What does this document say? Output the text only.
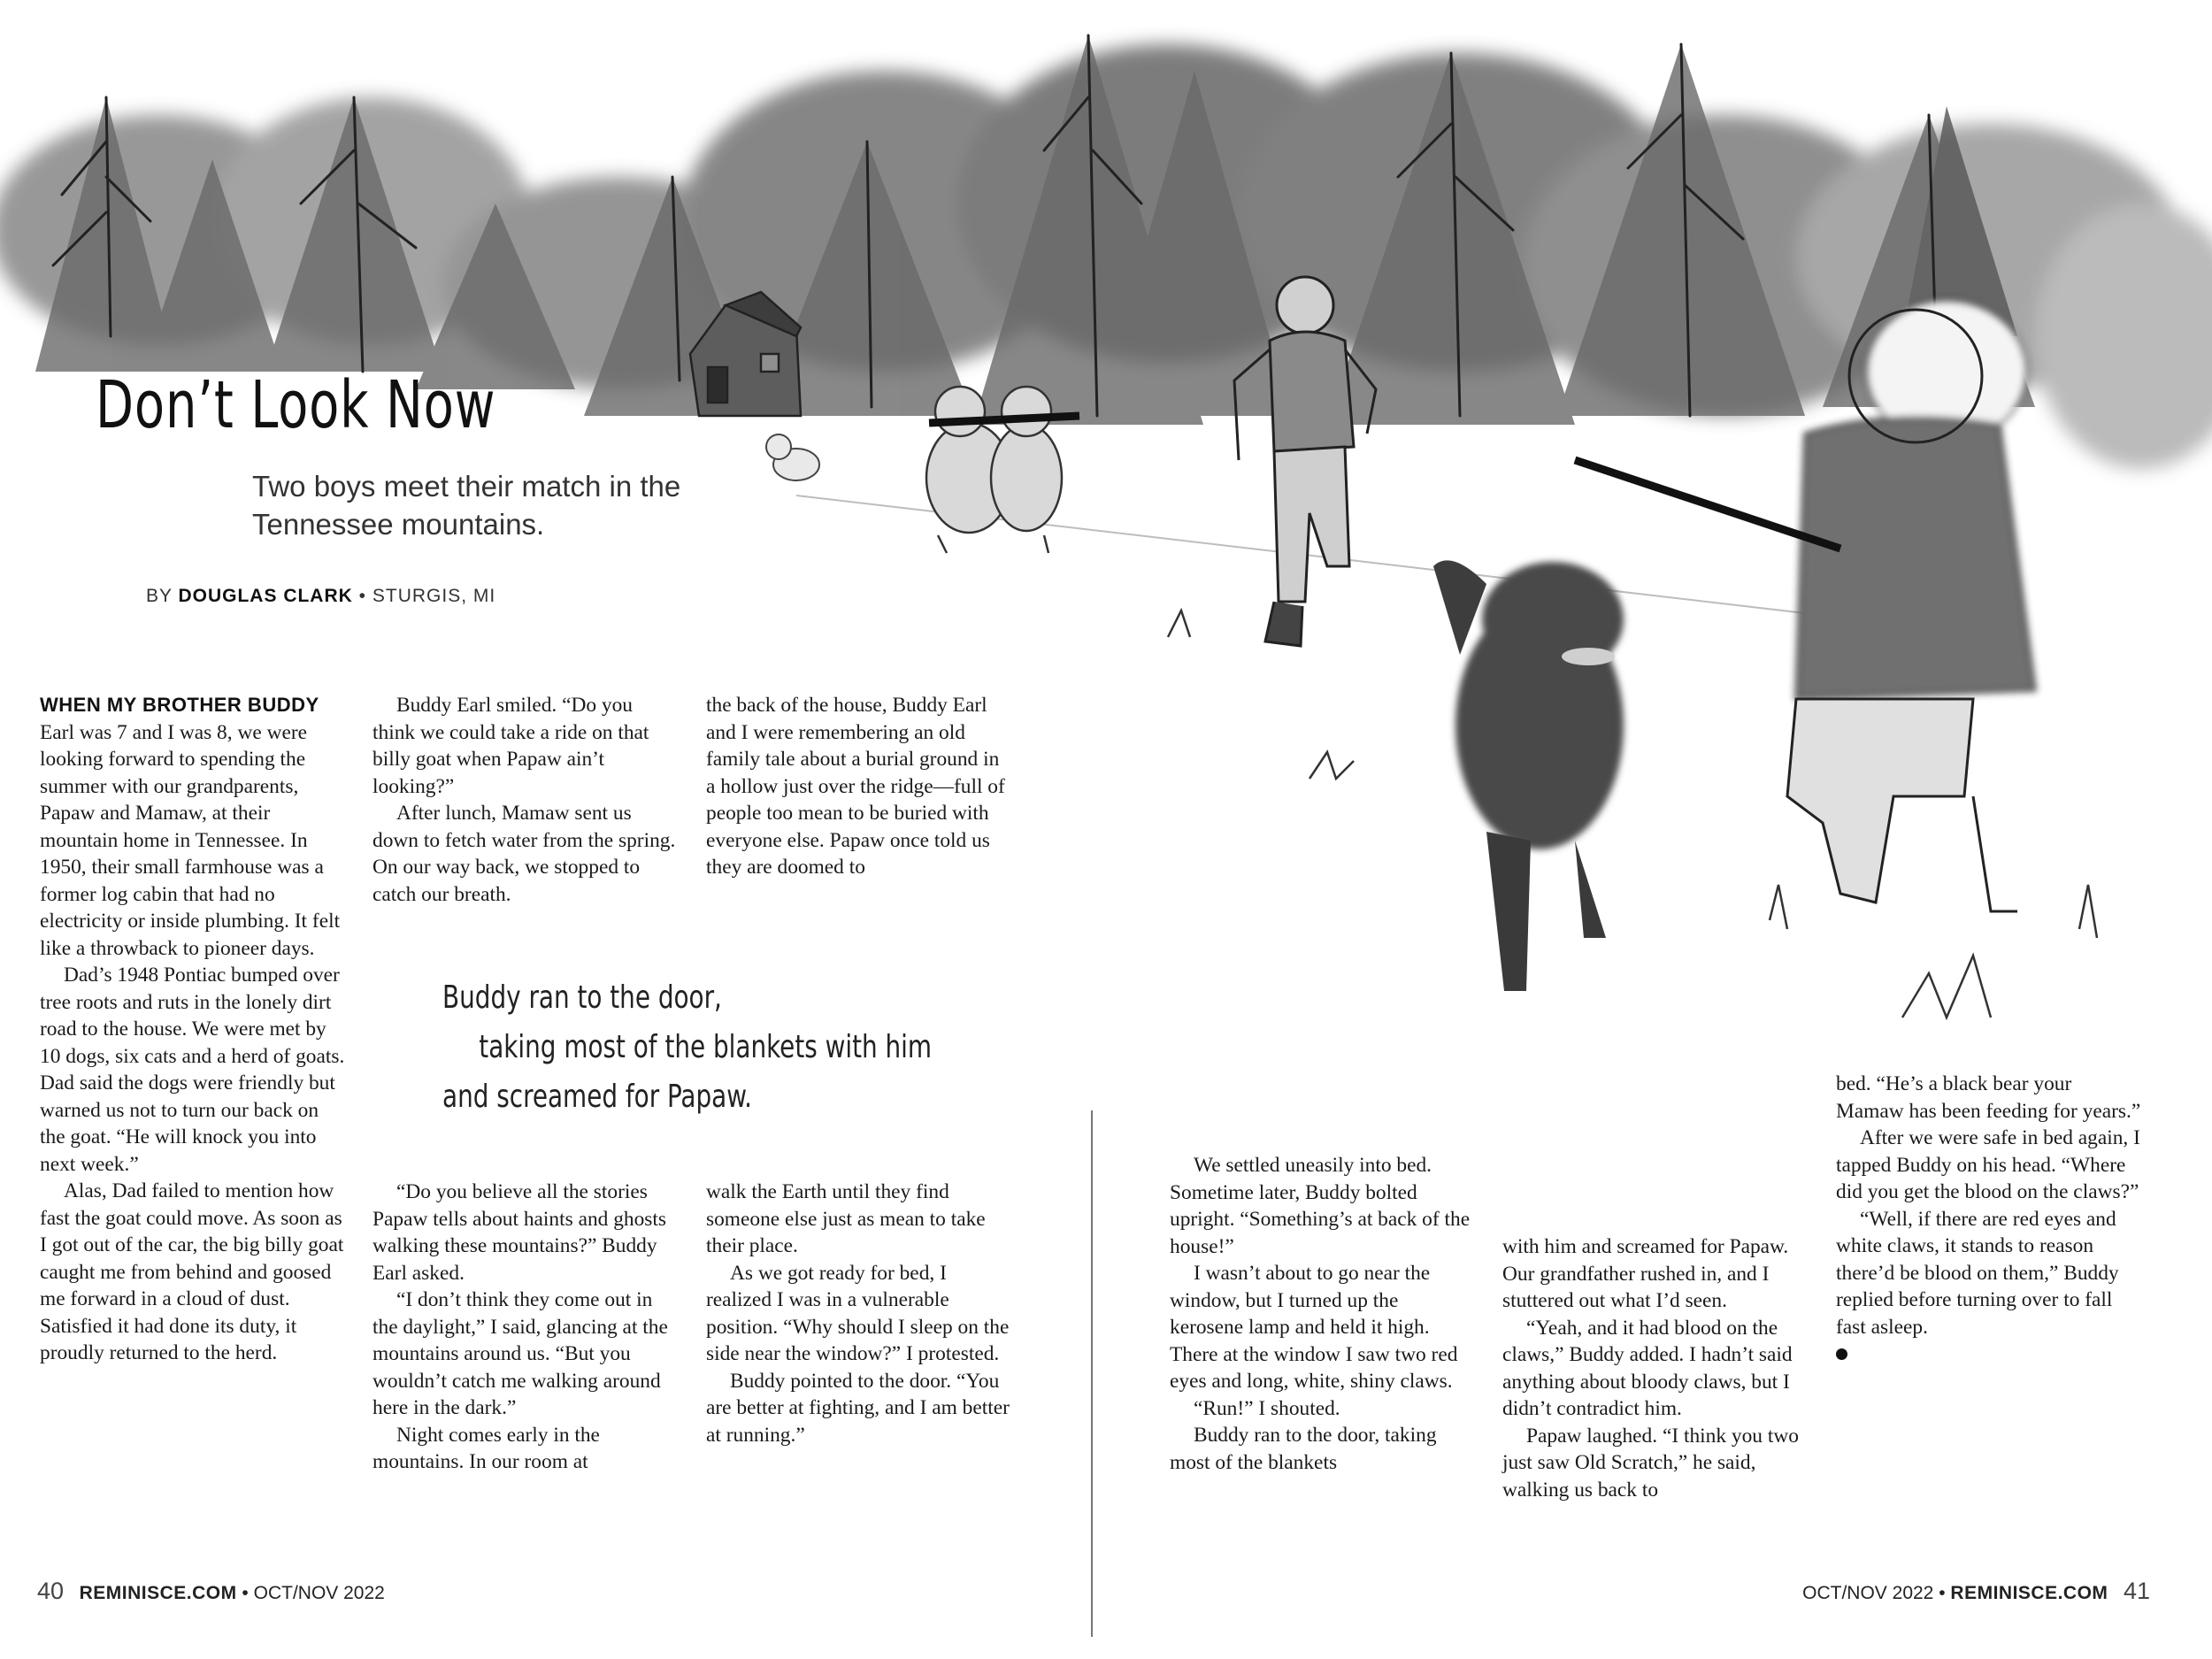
Don’t Look Now

Two boys meet their match in the Tennessee mountains.

BY DOUGLAS CLARK • STURGIS, MI

WHEN MY BROTHER BUDDY

Earl was 7 and I was 8, we were looking forward to spending the summer with our grandparents, Papaw and Mamaw, at their mountain home in Tennessee. In 1950, their small farmhouse was a former log cabin that had no electricity or inside plumbing. It felt like a throwback to pioneer days.

Dad’s 1948 Pontiac bumped over tree roots and ruts in the lonely dirt road to the house. We were met by 10 dogs, six cats and a herd of goats. Dad said the dogs were friendly but warned us not to turn our back on the goat. “He will knock you into next week.”

Alas, Dad failed to mention how fast the goat could move. As soon as I got out of the car, the big billy goat caught me from behind and goosed me forward in a cloud of dust. Satisfied it had done its duty, it proudly returned to the herd.

Buddy Earl smiled. “Do you think we could take a ride on that billy goat when Papaw ain’t looking?”

After lunch, Mamaw sent us down to fetch water from the spring. On our way back, we stopped to catch our breath.

the back of the house, Buddy Earl and I were remembering an old family tale about a burial ground in a hollow just over the ridge—full of people too mean to be buried with everyone else. Papaw once told us they are doomed to

Buddy ran to the door,
taking most of the blankets with him
and screamed for Papaw.

“Do you believe all the stories Papaw tells about haints and ghosts walking these mountains?” Buddy Earl asked.

“I don’t think they come out in the daylight,” I said, glancing at the mountains around us. “But you wouldn’t catch me walking around here in the dark.”

Night comes early in the mountains. In our room at

walk the Earth until they find someone else just as mean to take their place.

As we got ready for bed, I realized I was in a vulnerable position. “Why should I sleep on the side near the window?” I protested.

Buddy pointed to the door. “You are better at fighting, and I am better at running.”

We settled uneasily into bed. Sometime later, Buddy bolted upright. “Something’s at back of the house!”

I wasn’t about to go near the window, but I turned up the kerosene lamp and held it high. There at the window I saw two red eyes and long, white, shiny claws.

“Run!” I shouted.

Buddy ran to the door, taking most of the blankets

with him and screamed for Papaw. Our grandfather rushed in, and I stuttered out what I’d seen.

“Yeah, and it had blood on the claws,” Buddy added. I hadn’t said anything about bloody claws, but I didn’t contradict him.

Papaw laughed. “I think you two just saw Old Scratch,” he said, walking us back to

bed. “He’s a black bear your Mamaw has been feeding for years.”

After we were safe in bed again, I tapped Buddy on his head. “Where did you get the blood on the claws?”

“Well, if there are red eyes and white claws, it stands to reason there’d be blood on them,” Buddy replied before turning over to fall fast asleep.

40 REMINISCE.COM • OCT/NOV 2022	OCT/NOV 2022 • REMINISCE.COM 41
